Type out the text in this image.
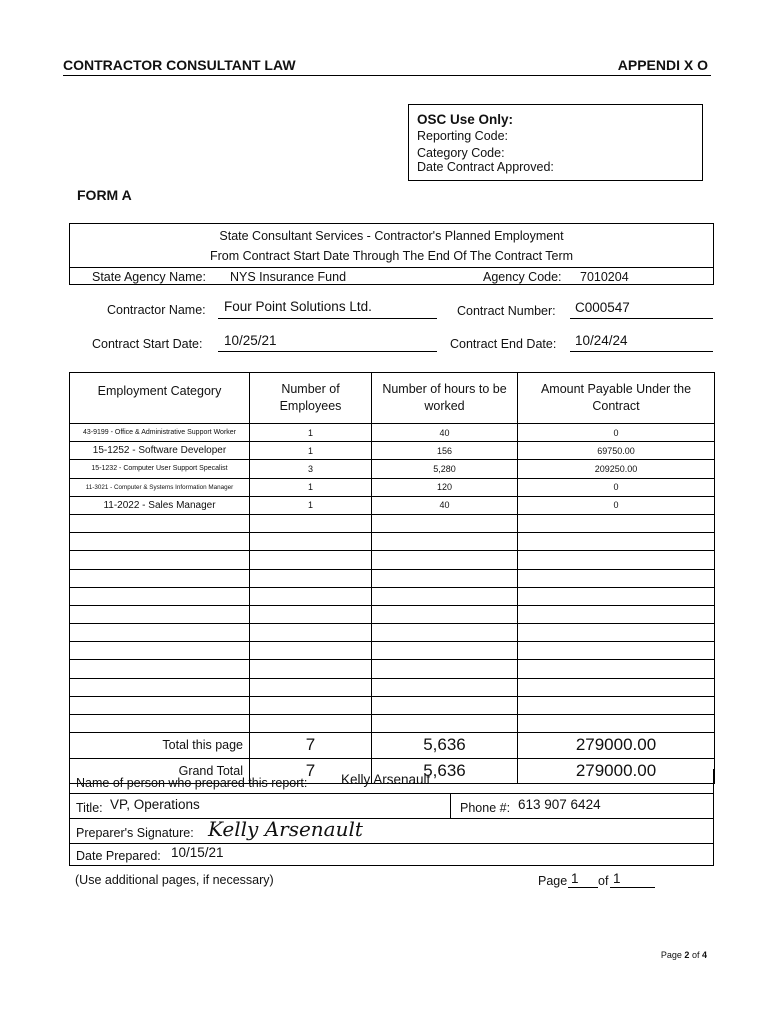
CONTRACTOR CONSULTANT LAW	APPENDI X O
OSC Use Only:
Reporting Code:
Category Code:
Date Contract Approved:
FORM A
State Consultant Services - Contractor's Planned Employment
From Contract Start Date Through The End Of The Contract Term
State Agency Name: NYS Insurance Fund	Agency Code: 7010204
Contractor Name: Four Point Solutions Ltd.	Contract Number: C000547
Contract Start Date: 10/25/21	Contract End Date: 10/24/24
Employment Category	Number of Employees	Number of hours to be worked	Amount Payable Under the Contract
43-9199 - Office & Administrative Support Worker	1	40	0
15-1252 - Software Developer	1	156	69750.00
15-1232 - Computer User Support Specalist	3	5,280	209250.00
11-3021 - Computer & Systems Information Manager	1	120	0
11-2022 - Sales Manager	1	40	0

Total this page	7	5,636	279000.00
Grand Total	7	5,636	279000.00
Name of person who prepared this report: Kelly Arsenault
Title: VP, Operations	Phone #: 613 907 6424
Preparer's Signature: Kelly Arsenault
Date Prepared: 10/15/21
(Use additional pages, if necessary)	Page 1	of 1
Page 2 of 4
